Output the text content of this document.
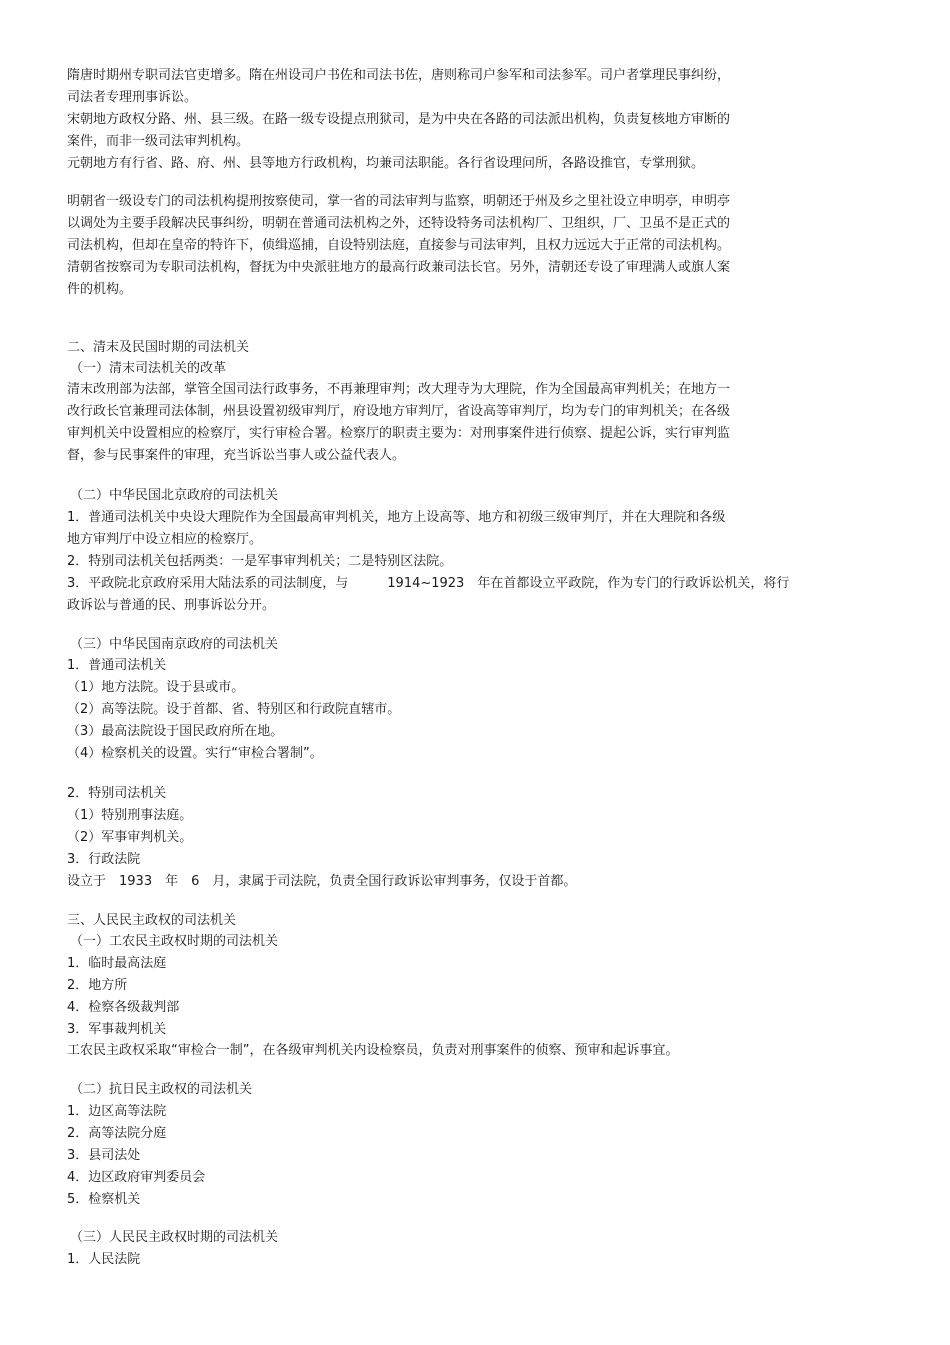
隋唐时期州专职司法官吏增多。隋在州设司户书佐和司法书佐，唐则称司户参军和司法参军。司户者掌理民事纠纷，

司法者专理刑事诉讼。

宋朝地方政权分路、州、县三级。在路一级专设提点刑狱司，是为中央在各路的司法派出机构，负责复核地方审断的

案件，而非一级司法审判机构。

元朝地方有行省、路、府、州、县等地方行政机构，均兼司法职能。各行省设理问所，各路设推官，专掌刑狱。

明朝省一级设专门的司法机构提刑按察使司，掌一省的司法审判与监察，明朝还于州及乡之里社设立申明亭，申明亭

以调处为主要手段解决民事纠纷，明朝在普通司法机构之外，还特设特务司法机构厂、卫组织，厂、卫虽不是正式的

司法机构，但却在皇帝的特许下，侦缉巡捕，自设特别法庭，直接参与司法审判，且权力远远大于正常的司法机构。

清朝省按察司为专职司法机构，督抚为中央派驻地方的最高行政兼司法长官。另外，清朝还专设了审理满人或旗人案

件的机构。

二、清末及民国时期的司法机关

（一）清末司法机关的改革

清末改刑部为法部，掌管全国司法行政事务，不再兼理审判；改大理寺为大理院，作为全国最高审判机关；在地方一

改行政长官兼理司法体制，州县设置初级审判厅，府设地方审判厅，省设高等审判厅，均为专门的审判机关；在各级

审判机关中设置相应的检察厅，实行审检合署。检察厅的职责主要为：对刑事案件进行侦察、提起公诉，实行审判监

督，参与民事案件的审理，充当诉讼当事人或公益代表人。

（二）中华民国北京政府的司法机关

1．普通司法机关中央设大理院作为全国最高审判机关，地方上设高等、地方和初级三级审判厅，并在大理院和各级

地方审判厅中设立相应的检察厅。

2．特别司法机关包括两类：一是军事审判机关；二是特别区法院。

3．平政院北京政府采用大陆法系的司法制度，与　　　1914~1923　年在首都设立平政院，作为专门的行政诉讼机关，将行

政诉讼与普通的民、刑事诉讼分开。

（三）中华民国南京政府的司法机关

1．普通司法机关

（1）地方法院。设于县或市。

（2）高等法院。设于首都、省、特别区和行政院直辖市。

（3）最高法院设于国民政府所在地。

（4）检察机关的设置。实行“审检合署制”。

2．特别司法机关

（1）特别刑事法庭。

（2）军事审判机关。

3．行政法院

设立于　1933　年　6　月，隶属于司法院，负责全国行政诉讼审判事务，仅设于首都。

三、人民民主政权的司法机关

（一）工农民主政权时期的司法机关

1．临时最高法庭

2．地方所

4．检察各级裁判部

3．军事裁判机关

工农民主政权采取“审检合一制”，在各级审判机关内设检察员，负责对刑事案件的侦察、预审和起诉事宜。

（二）抗日民主政权的司法机关

1．边区高等法院

2．高等法院分庭

3．县司法处

4．边区政府审判委员会

5．检察机关

（三）人民民主政权时期的司法机关

1．人民法院
